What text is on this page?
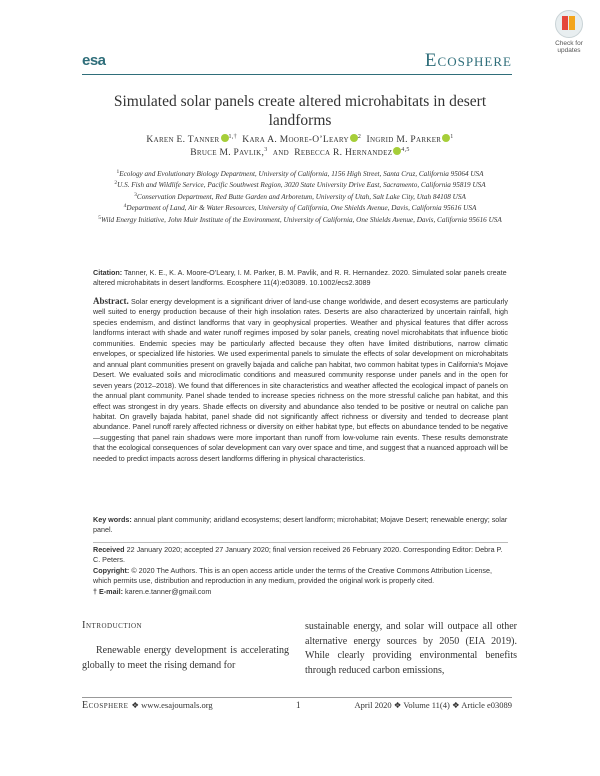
esa	Ecosphere
Check for updates
Simulated solar panels create altered microhabitats in desert landforms
Karen E. Tanner $^{1,\dagger}$ Kara A. Moore-O’Leary $^2$ Ingrid M. Parker $^1$
Bruce M. Pavlik,$^3$ and Rebecca R. Hernandez $^{4,5}$
$^1$Ecology and Evolutionary Biology Department, University of California, 1156 High Street, Santa Cruz, California 95064 USA
$^2$U.S. Fish and Wildlife Service, Pacific Southwest Region, 3020 State University Drive East, Sacramento, California 95819 USA
$^3$Conservation Department, Red Butte Garden and Arboretum, University of Utah, Salt Lake City, Utah 84108 USA
$^4$Department of Land, Air & Water Resources, University of California, One Shields Avenue, Davis, California 95616 USA
$^5$Wild Energy Initiative, John Muir Institute of the Environment, University of California, One Shields Avenue, Davis, California 95616 USA
Citation: Tanner, K. E., K. A. Moore-O’Leary, I. M. Parker, B. M. Pavlik, and R. R. Hernandez. 2020. Simulated solar panels create altered microhabitats in desert landforms. Ecosphere 11(4):e03089. 10.1002/ecs2.3089
Abstract. Solar energy development is a significant driver of land-use change worldwide, and desert ecosystems are particularly well suited to energy production because of their high insolation rates. Deserts are also characterized by uncertain rainfall, high species endemism, and distinct landforms that vary in geophysical properties. Weather and physical features that differ across landforms interact with shade and water runoff regimes imposed by solar panels, creating novel microhabitats that influence biotic communities. Endemic species may be particularly affected because they often have limited distributions, narrow climatic envelopes, or specialized life histories. We used experimental panels to simulate the effects of solar development on microhabitats and annual plant communities present on gravelly bajada and caliche pan habitat, two common habitat types in California’s Mojave Desert. We evaluated soils and microclimatic conditions and measured community response under panels and in the open for seven years (2012–2018). We found that differences in site characteristics and weather affected the ecological impact of panels on the annual plant community. Panel shade tended to increase species richness on the more stressful caliche pan habitat, and this effect was strongest in dry years. Shade effects on diversity and abundance also tended to be positive or neutral on caliche pan habitat. On gravelly bajada habitat, panel shade did not significantly affect richness or diversity and tended to decrease plant abundance. Panel runoff rarely affected richness or diversity on either habitat type, but effects on abundance tended to be negative—suggesting that panel rain shadows were more important than runoff from low-volume rain events. These results demonstrate that the ecological consequences of solar development can vary over space and time, and suggest that a nuanced approach will be needed to predict impacts across desert landforms differing in physical characteristics.
Key words: annual plant community; aridland ecosystems; desert landform; microhabitat; Mojave Desert; renewable energy; solar panel.
Received 22 January 2020; accepted 27 January 2020; final version received 26 February 2020. Corresponding Editor: Debra P. C. Peters.
Copyright: © 2020 The Authors. This is an open access article under the terms of the Creative Commons Attribution License, which permits use, distribution and reproduction in any medium, provided the original work is properly cited.
† E-mail: karen.e.tanner@gmail.com
Introduction
Renewable energy development is accelerating globally to meet the rising demand for
sustainable energy, and solar will outpace all other alternative energy sources by 2050 (EIA 2019). While clearly providing environmental benefits through reduced carbon emissions,
Ecosphere ❖ www.esajournals.org	1	April 2020 ❖ Volume 11(4) ❖ Article e03089
